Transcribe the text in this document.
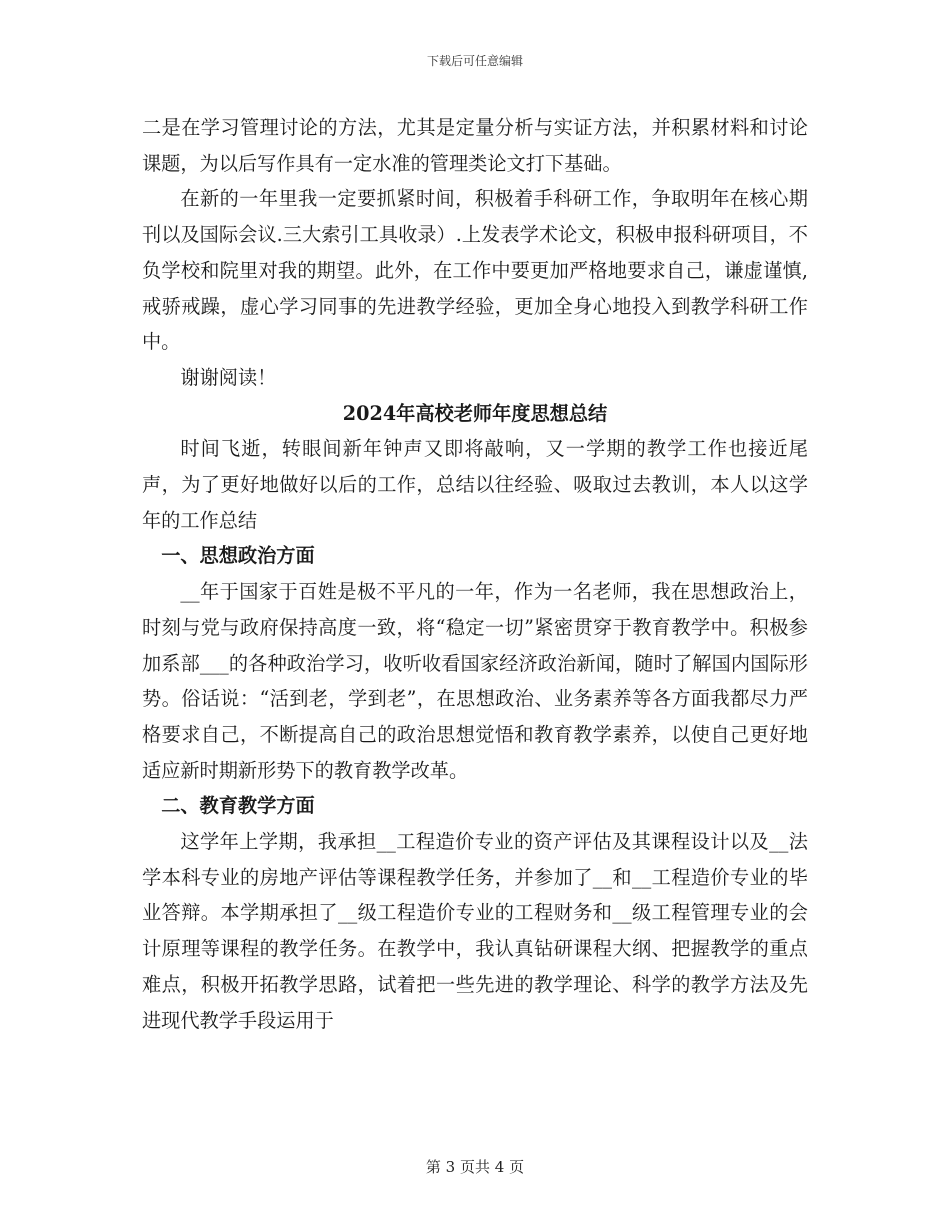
下载后可任意编辑

二是在学习管理讨论的方法，尤其是定量分析与实证方法，并积累材料和讨论课题，为以后写作具有一定水准的管理类论文打下基础。

在新的一年里我一定要抓紧时间，积极着手科研工作，争取明年在核心期刊以及国际会议.三大索引工具收录）.上发表学术论文，积极申报科研项目，不负学校和院里对我的期望。此外，在工作中要更加严格地要求自己，谦虚谨慎,戒骄戒躁，虚心学习同事的先进教学经验，更加全身心地投入到教学科研工作中。

谢谢阅读！

2024年高校老师年度思想总结

时间飞逝，转眼间新年钟声又即将敲响，又一学期的教学工作也接近尾声，为了更好地做好以后的工作，总结以往经验、吸取过去教训，本人以这学年的工作总结

一、思想政治方面

__年于国家于百姓是极不平凡的一年，作为一名老师，我在思想政治上，时刻与党与政府保持高度一致，将“稳定一切”紧密贯穿于教育教学中。积极参加系部___的各种政治学习，收听收看国家经济政治新闻，随时了解国内国际形势。俗话说：“活到老，学到老”，在思想政治、业务素养等各方面我都尽力严格要求自己，不断提高自己的政治思想觉悟和教育教学素养，以使自己更好地适应新时期新形势下的教育教学改革。

二、教育教学方面

这学年上学期，我承担__工程造价专业的资产评估及其课程设计以及__法学本科专业的房地产评估等课程教学任务，并参加了__和__工程造价专业的毕业答辩。本学期承担了__级工程造价专业的工程财务和__级工程管理专业的会计原理等课程的教学任务。在教学中，我认真钻研课程大纲、把握教学的重点难点，积极开拓教学思路，试着把一些先进的教学理论、科学的教学方法及先进现代教学手段运用于

第 3 页共 4 页
